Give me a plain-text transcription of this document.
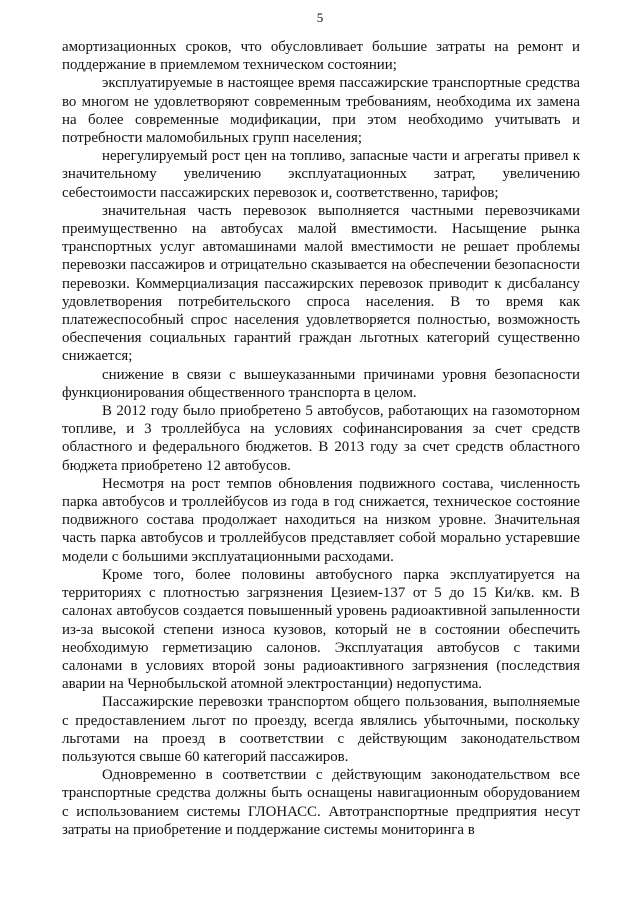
5

амортизационных сроков, что обусловливает большие затраты на ремонт и поддержание в приемлемом техническом состоянии;

эксплуатируемые в настоящее время пассажирские транспортные средства во многом не удовлетворяют современным требованиям, необходима их замена на более современные модификации, при этом необходимо учитывать и потребности маломобильных групп населения;

нерегулируемый рост цен на топливо, запасные части и агрегаты привел к значительному увеличению эксплуатационных затрат, увеличению себестоимости пассажирских перевозок и, соответственно, тарифов;

значительная часть перевозок выполняется частными перевозчиками преимущественно на автобусах малой вместимости. Насыщение рынка транспортных услуг автомашинами малой вместимости не решает проблемы перевозки пассажиров и отрицательно сказывается на обеспечении безопасности перевозки. Коммерциализация пассажирских перевозок приводит к дисбалансу удовлетворения потребительского спроса населения. В то время как платежеспособный спрос населения удовлетворяется полностью, возможность обеспечения социальных гарантий граждан льготных категорий существенно снижается;

снижение в связи с вышеуказанными причинами уровня безопасности функционирования общественного транспорта в целом.

В 2012 году было приобретено 5 автобусов, работающих на газомоторном топливе, и 3 троллейбуса на условиях софинансирования за счет средств областного и федерального бюджетов. В 2013 году за счет средств областного бюджета приобретено 12 автобусов.

Несмотря на рост темпов обновления подвижного состава, численность парка автобусов и троллейбусов из года в год снижается, техническое состояние подвижного состава продолжает находиться на низком уровне. Значительная часть парка автобусов и троллейбусов представляет собой морально устаревшие модели с большими эксплуатационными расходами.

Кроме того, более половины автобусного парка эксплуатируется на территориях с плотностью загрязнения Цезием-137 от 5 до 15 Ки/кв. км. В салонах автобусов создается повышенный уровень радиоактивной запыленности из-за высокой степени износа кузовов, который не в состоянии обеспечить необходимую герметизацию салонов. Эксплуатация автобусов с такими салонами в условиях второй зоны радиоактивного загрязнения (последствия аварии на Чернобыльской атомной электростанции) недопустима.

Пассажирские перевозки транспортом общего пользования, выполняемые с предоставлением льгот по проезду, всегда являлись убыточными, поскольку льготами на проезд в соответствии с действующим законодательством пользуются свыше 60 категорий пассажиров.

Одновременно в соответствии с действующим законодательством все транспортные средства должны быть оснащены навигационным оборудованием с использованием системы ГЛОНАСС. Автотранспортные предприятия несут затраты на приобретение и поддержание системы мониторинга в
